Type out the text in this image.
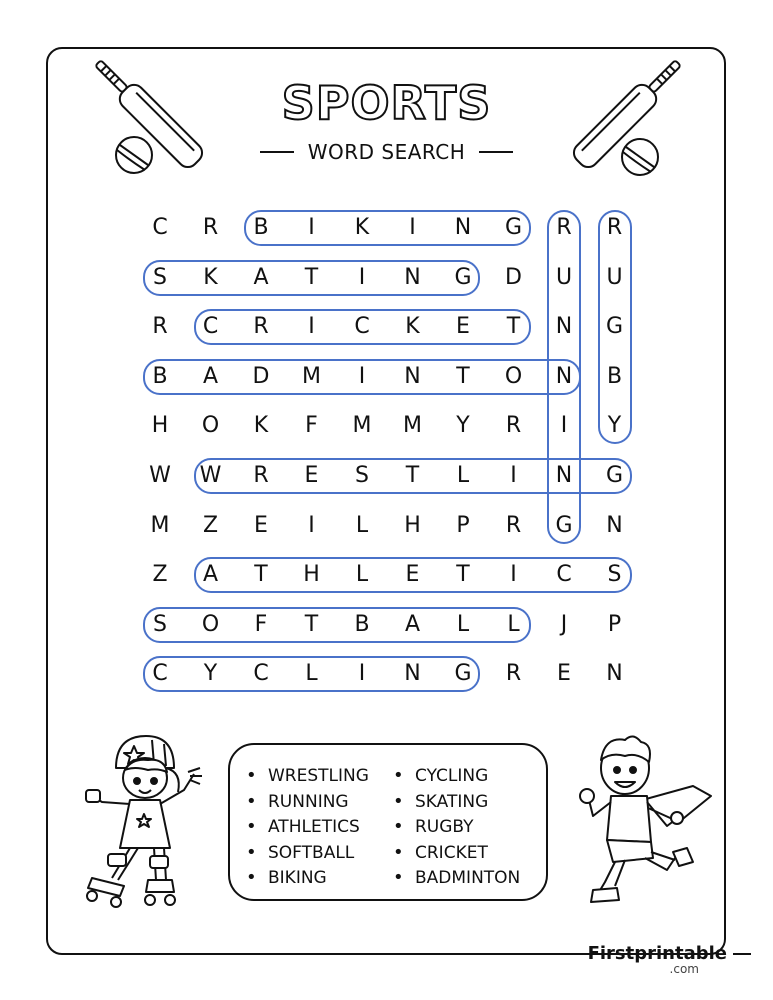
SPORTS
WORD SEARCH
C	R	B	I	K	I	N	G	R	R
S	K	A	T	I	N	G	D	U	U
R	C	R	I	C	K	E	T	N	G
B	A	D	M	I	N	T	O	N	B
H	O	K	F	M	M	Y	R	I	Y
W	W	R	E	S	T	L	I	N	G
M	Z	E	I	L	H	P	R	G	N
Z	A	T	H	L	E	T	I	C	S
S	O	F	T	B	A	L	L	J	P
C	Y	C	L	I	N	G	R	E	N
• WRESTLING
• RUNNING
• ATHLETICS
• SOFTBALL
• BIKING
• CYCLING
• SKATING
• RUGBY
• CRICKET
• BADMINTON
Firstprintable
.com
